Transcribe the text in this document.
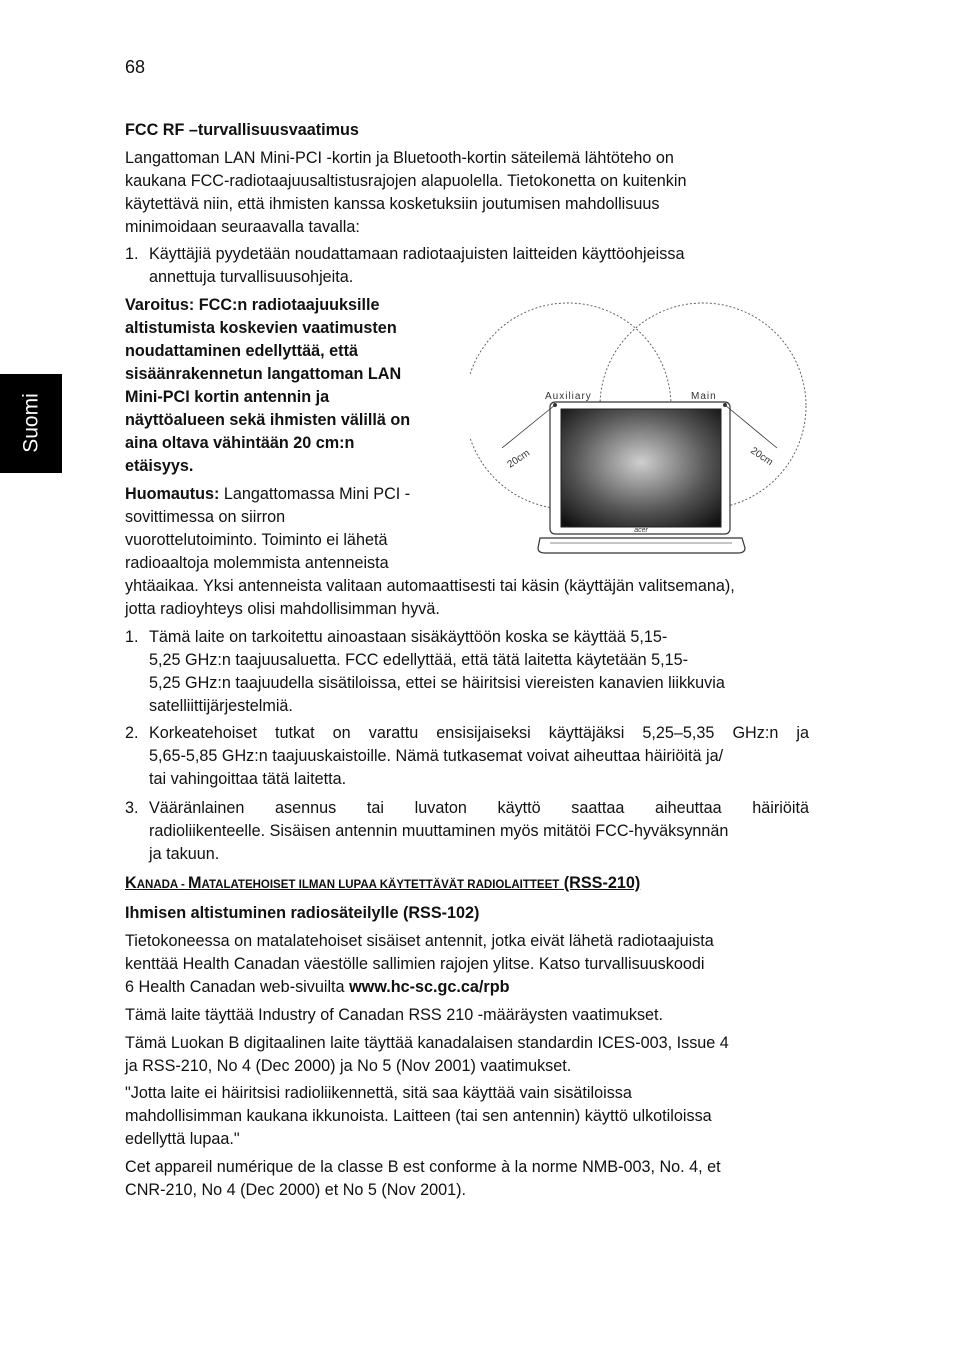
68
Suomi
FCC RF –turvallisuusvaatimus
Langattoman LAN Mini-PCI -kortin ja Bluetooth-kortin säteilemä lähtöteho on
kaukana FCC-radiotaajuusaltistusrajojen alapuolella. Tietokonetta on kuitenkin
käytettävä niin, että ihmisten kanssa kosketuksiin joutumisen mahdollisuus
minimoidaan seuraavalla tavalla:
1. Käyttäjiä pyydetään noudattamaan radiotaajuisten laitteiden käyttöohjeissa
annettuja turvallisuusohjeita.
Varoitus: FCC:n radiotaajuuksille
altistumista koskevien vaatimusten
noudattaminen edellyttää, että
sisäänrakennetun langattoman LAN
Mini-PCI kortin antennin ja
näyttöalueen sekä ihmisten välillä on
aina oltava vähintään 20 cm:n
etäisyys.
Huomautus: Langattomassa Mini PCI -
sovittimessa on siirron
vuorottelutoiminto. Toiminto ei lähetä
radioaaltoja molemmista antenneista
yhtäaikaa. Yksi antenneista valitaan automaattisesti tai käsin (käyttäjän valitsemana),
jotta radioyhteys olisi mahdollisimman hyvä.
acer
Auxiliary	Main
20cm	20cm
1. Tämä laite on tarkoitettu ainoastaan sisäkäyttöön koska se käyttää 5,15-
5,25 GHz:n taajuusaluetta. FCC edellyttää, että tätä laitetta käytetään 5,15-
5,25 GHz:n taajuudella sisätiloissa, ettei se häiritsisi viereisten kanavien liikkuvia
satelliittijärjestelmiä.
2. Korkeatehoiset tutkat on varattu ensisijaiseksi käyttäjäksi 5,25–5,35 GHz:n ja
5,65-5,85 GHz:n taajuuskaistoille. Nämä tutkasemat voivat aiheuttaa häiriöitä ja/
tai vahingoittaa tätä laitetta.
3. Vääränlainen asennus tai luvaton käyttö saattaa aiheuttaa häiriöitä
radioliikenteelle. Sisäisen antennin muuttaminen myös mitätöi FCC-hyväksynnän
ja takuun.
KANADA - MATALATEHOISET ILMAN LUPAA KÄYTETTÄVÄT RADIOLAITTEET (RSS-210)
Ihmisen altistuminen radiosäteilylle (RSS-102)
Tietokoneessa on matalatehoiset sisäiset antennit, jotka eivät lähetä radiotaajuista
kenttää Health Canadan väestölle sallimien rajojen ylitse. Katso turvallisuuskoodi
6 Health Canadan web-sivuilta www.hc-sc.gc.ca/rpb
Tämä laite täyttää Industry of Canadan RSS 210 -määräysten vaatimukset.
Tämä Luokan B digitaalinen laite täyttää kanadalaisen standardin ICES-003, Issue 4
ja RSS-210, No 4 (Dec 2000) ja No 5 (Nov 2001) vaatimukset.
"Jotta laite ei häiritsisi radioliikennettä, sitä saa käyttää vain sisätiloissa
mahdollisimman kaukana ikkunoista. Laitteen (tai sen antennin) käyttö ulkotiloissa
edellyttä lupaa."
Cet appareil numérique de la classe B est conforme à la norme NMB-003, No. 4, et
CNR-210, No 4 (Dec 2000) et No 5 (Nov 2001).
